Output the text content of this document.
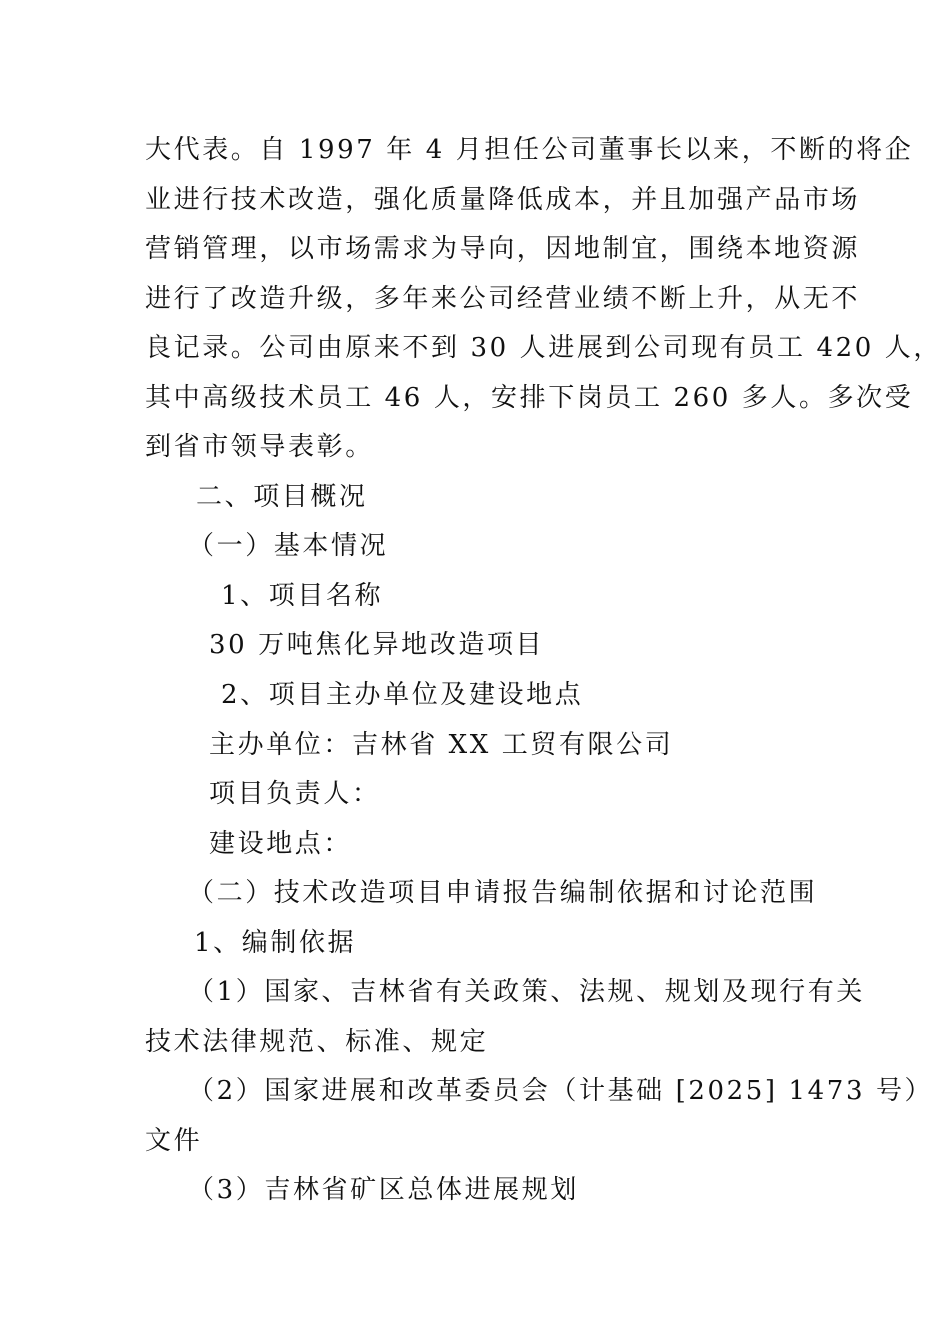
大代表。自 1997 年 4 月担任公司董事长以来，不断的将企
业进行技术改造，强化质量降低成本，并且加强产品市场
营销管理，以市场需求为导向，因地制宜，围绕本地资源
进行了改造升级，多年来公司经营业绩不断上升，从无不
良记录。公司由原来不到 30 人进展到公司现有员工 420 人，
其中高级技术员工 46 人，安排下岗员工 260 多人。多次受
到省市领导表彰。
二、项目概况
（一）基本情况
1、项目名称
30 万吨焦化异地改造项目
2、项目主办单位及建设地点
主办单位：吉林省 XX 工贸有限公司
项目负责人：
建设地点：
（二）技术改造项目申请报告编制依据和讨论范围
1、编制依据
（1）国家、吉林省有关政策、法规、规划及现行有关
技术法律规范、标准、规定
（2）国家进展和改革委员会（计基础 [2025] 1473 号）
文件
（3）吉林省矿区总体进展规划
